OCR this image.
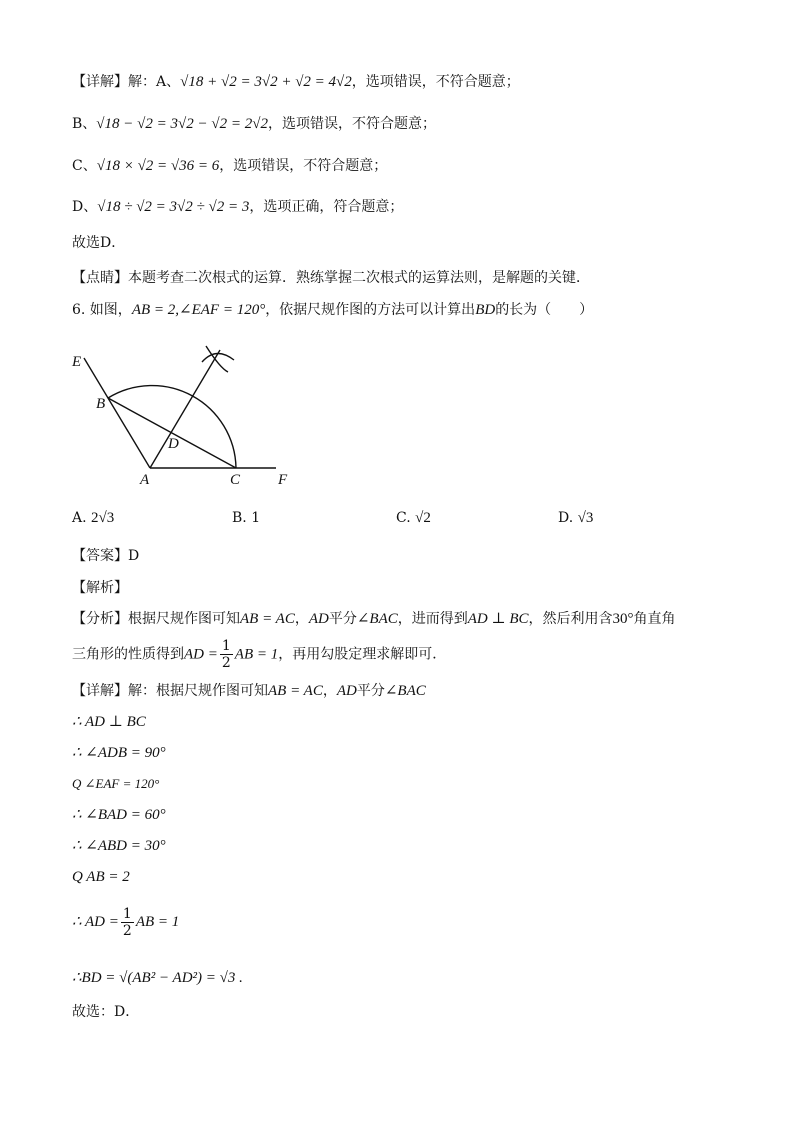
【详解】解：A、√18 + √2 = 3√2 + √2 = 4√2，选项错误，不符合题意；
B、√18 − √2 = 3√2 − √2 = 2√2，选项错误，不符合题意；
C、√18 × √2 = √36 = 6，选项错误，不符合题意；
D、√18 ÷ √2 = 3√2 ÷ √2 = 3，选项正确，符合题意；
故选D．
【点睛】本题考查二次根式的运算．熟练掌握二次根式的运算法则，是解题的关键．
6. 如图，AB = 2,∠EAF = 120°，依据尺规作图的方法可以计算出BD的长为（　　）
E
B
D
A	C	F
A. 2√3	B. 1	C. √2	D. √3
【答案】D
【解析】
【分析】根据尺规作图可知AB = AC，AD平分∠BAC，进而得到AD ⊥ BC，然后利用含30°角直角
三角形的性质得到AD = $\frac{1}{2}$ AB = 1，再用勾股定理求解即可．
【详解】解：根据尺规作图可知AB = AC，AD平分∠BAC
∴ AD ⊥ BC
∴ ∠ADB = 90°
Q ∠EAF = 120°
∴ ∠BAD = 60°
∴ ∠ABD = 30°
Q AB = 2
∴ AD = $\frac{1}{2}$ AB = 1
∴BD = √(AB² − AD²) = √3 .
故选：D．
